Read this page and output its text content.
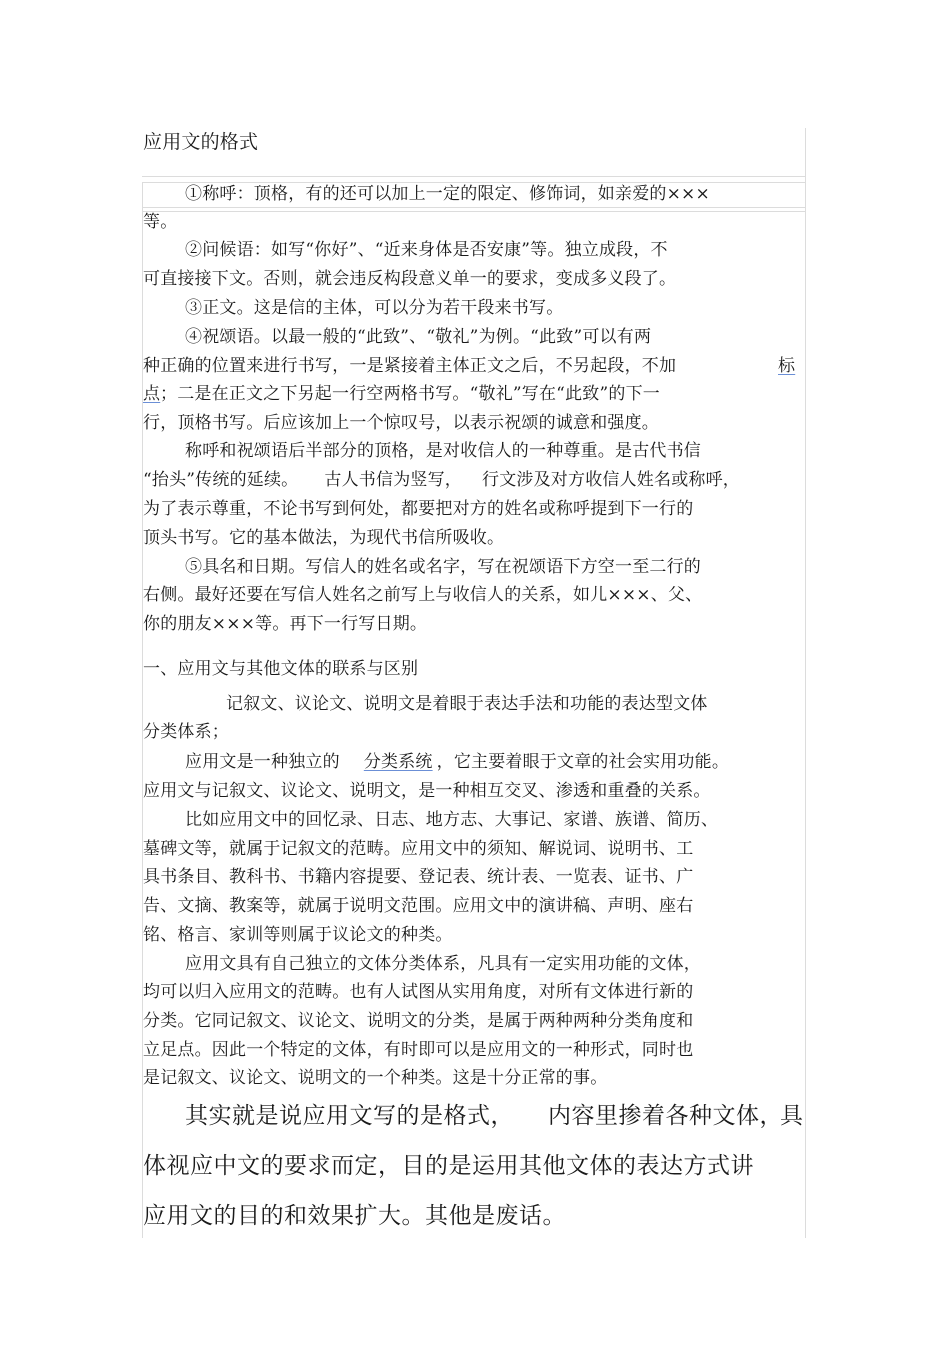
应用文的格式
①称呼：顶格，有的还可以加上一定的限定、修饰词，如亲爱的×××
等。
②问候语：如写“你好”、“近来身体是否安康”等。独立成段，不
可直接接下文。否则，就会违反构段意义单一的要求，变成多义段了。
③正文。这是信的主体，可以分为若干段来书写。
④祝颂语。以最一般的“此致”、“敬礼”为例。“此致”可以有两
种正确的位置来进行书写，一是紧接着主体正文之后，不另起段，不加	标
点 ；二是在正文之下另起一行空两格书写。“敬礼”写在“此致”的下一
行，顶格书写。后应该加上一个惊叹号，以表示祝颂的诚意和强度。
称呼和祝颂语后半部分的顶格，是对收信人的一种尊重。是古代书信
“抬头”传统的延续。 古人书信为竖写， 行文涉及对方收信人姓名或称呼，
为了表示尊重，不论书写到何处，都要把对方的姓名或称呼提到下一行的
顶头书写。它的基本做法，为现代书信所吸收。
⑤具名和日期。写信人的姓名或名字，写在祝颂语下方空一至二行的
右侧。最好还要在写信人姓名之前写上与收信人的关系，如儿×××、父、
你的朋友×××等。再下一行写日期。
一、应用文与其他文体的联系与区别
记叙文、议论文、说明文是着眼于表达手法和功能的表达型文体
分类体系；
应用文是一种独立的 分类系统 ，它主要着眼于文章的社会实用功能。
应用文与记叙文、议论文、说明文，是一种相互交叉、渗透和重叠的关系。
比如应用文中的回忆录、日志、地方志、大事记、家谱、族谱、简历、
墓碑文等，就属于记叙文的范畴。应用文中的须知、解说词、说明书、工
具书条目、教科书、书籍内容提要、登记表、统计表、一览表、证书、广
告、文摘、教案等，就属于说明文范围。应用文中的演讲稿、声明、座右
铭、格言、家训等则属于议论文的种类。
应用文具有自己独立的文体分类体系，凡具有一定实用功能的文体，
均可以归入应用文的范畴。也有人试图从实用角度，对所有文体进行新的
分类。它同记叙文、议论文、说明文的分类，是属于两种两种分类角度和
立足点。因此一个特定的文体，有时即可以是应用文的一种形式，同时也
是记叙文、议论文、说明文的一个种类。这是十分正常的事。
其实就是说应用文写的是格式， 内容里掺着各种文体，
具
体视应中文的要求而定，目的是运用其他文体的表达方式讲
应用文的目的和效果扩大。其他是废话。
